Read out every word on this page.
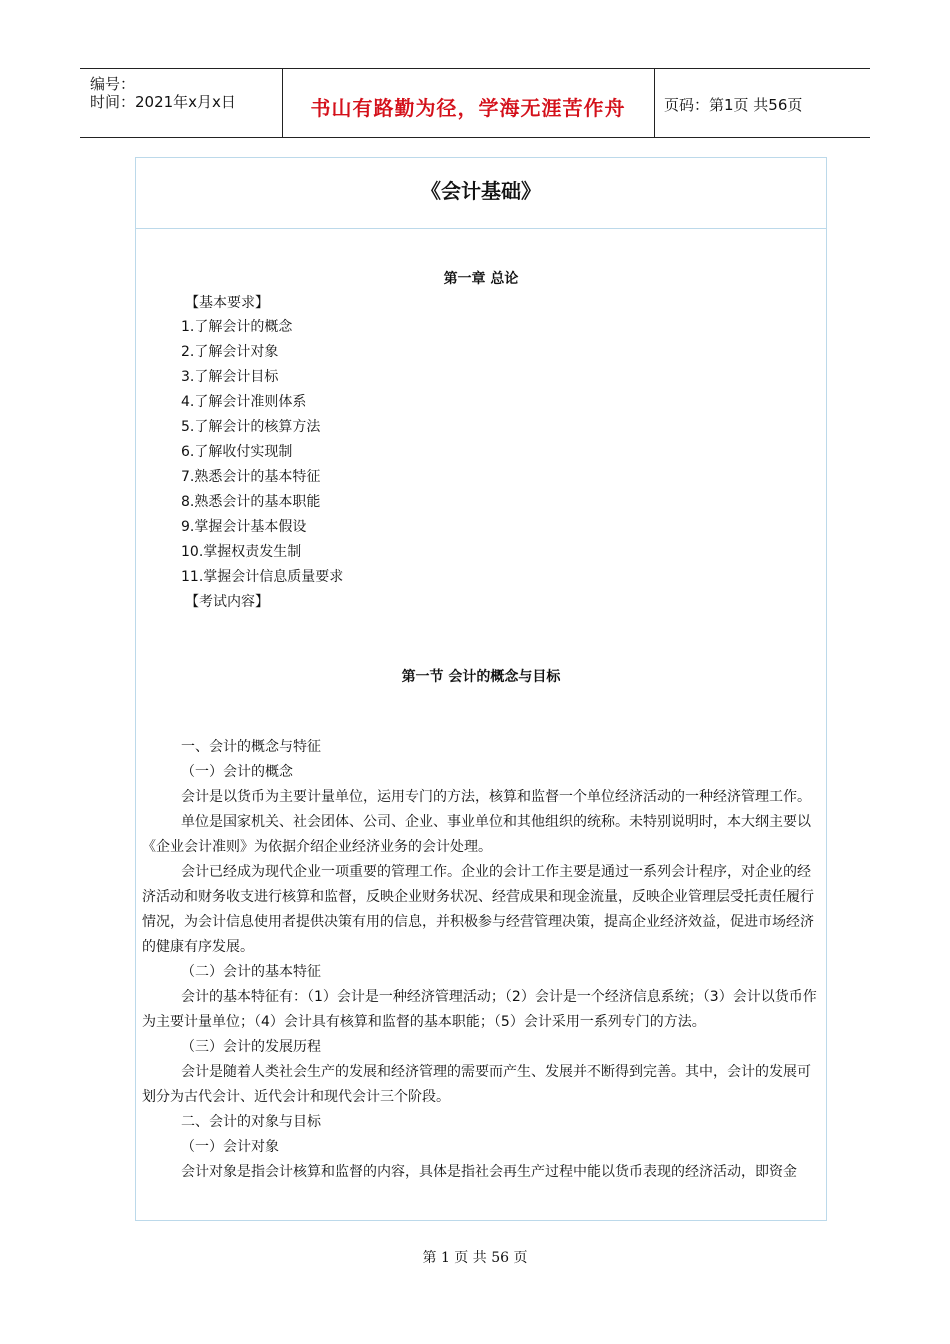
编号：
时间：2021年x月x日	书山有路勤为径，学海无涯苦作舟	页码：第1页 共56页
《会计基础》
第一章 总论
【基本要求】
1.了解会计的概念
2.了解会计对象
3.了解会计目标
4.了解会计准则体系
5.了解会计的核算方法
6.了解收付实现制
7.熟悉会计的基本特征
8.熟悉会计的基本职能
9.掌握会计基本假设
10.掌握权责发生制
11.掌握会计信息质量要求
【考试内容】
第一节 会计的概念与目标

一、会计的概念与特征

（一）会计的概念

会计是以货币为主要计量单位，运用专门的方法，核算和监督一个单位经济活动的一种经济管理工作。

单位是国家机关、社会团体、公司、企业、事业单位和其他组织的统称。未特别说明时，本大纲主要以《企业会计准则》为依据介绍企业经济业务的会计处理。

会计已经成为现代企业一项重要的管理工作。企业的会计工作主要是通过一系列会计程序，对企业的经济活动和财务收支进行核算和监督，反映企业财务状况、经营成果和现金流量，反映企业管理层受托责任履行情况，为会计信息使用者提供决策有用的信息，并积极参与经营管理决策，提高企业经济效益，促进市场经济的健康有序发展。

（二）会计的基本特征

会计的基本特征有：（1）会计是一种经济管理活动；（2）会计是一个经济信息系统；（3）会计以货币作为主要计量单位；（4）会计具有核算和监督的基本职能；（5）会计采用一系列专门的方法。

（三）会计的发展历程

会计是随着人类社会生产的发展和经济管理的需要而产生、发展并不断得到完善。其中，会计的发展可划分为古代会计、近代会计和现代会计三个阶段。

二、会计的对象与目标

（一）会计对象

会计对象是指会计核算和监督的内容，具体是指社会再生产过程中能以货币表现的经济活动，即资金

第 1 页 共 56 页
